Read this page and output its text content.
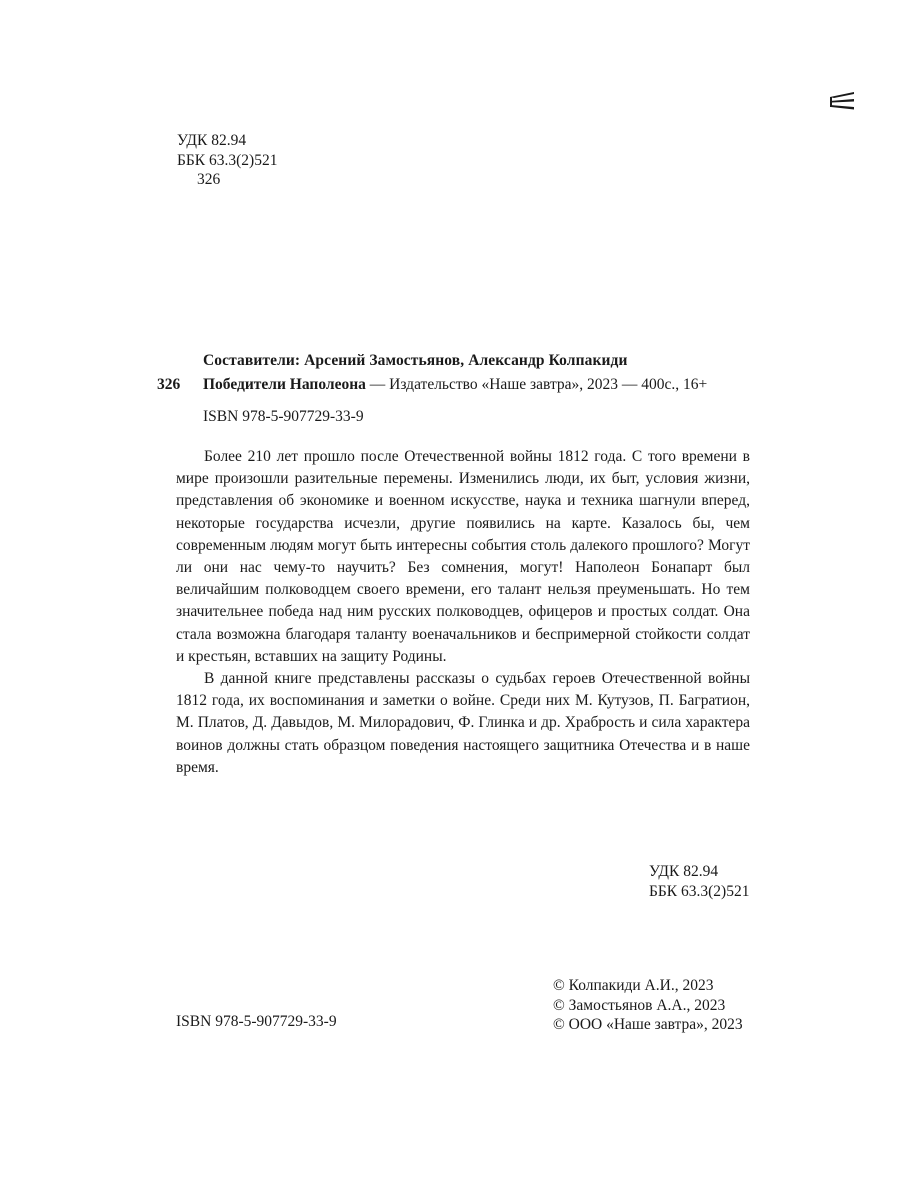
УДК 82.94
ББК 63.3(2)521
326
Составители: Арсений Замостьянов, Александр Колпакиди
326 Победители Наполеона — Издательство «Наше завтра», 2023 — 400с., 16+
ISBN 978-5-907729-33-9

Более 210 лет прошло после Отечественной войны 1812 года. С того времени в мире произошли разительные перемены. Изменились люди, их быт, условия жизни, представления об экономике и военном искусстве, наука и техника шагнули вперед, некоторые государства исчезли, другие появились на карте. Казалось бы, чем современным людям могут быть интересны события столь далекого прошлого? Могут ли они нас чему-то научить? Без сомнения, могут! Наполеон Бонапарт был величайшим полководцем своего времени, его талант нельзя преуменьшать. Но тем значительнее победа над ним русских полководцев, офицеров и простых солдат. Она стала возможна благодаря таланту военачальников и беспримерной стойкости солдат и крестьян, вставших на защиту Родины.

В данной книге представлены рассказы о судьбах героев Отечественной войны 1812 года, их воспоминания и заметки о войне. Среди них М. Кутузов, П. Багратион, М. Платов, Д. Давыдов, М. Милорадович, Ф. Глинка и др. Храбрость и сила характера воинов должны стать образцом поведения настоящего защитника Отечества и в наше время.

УДК 82.94
ББК 63.3(2)521
© Колпакиди А.И., 2023
© Замостьянов А.А., 2023
© ООО «Наше завтра», 2023
ISBN 978-5-907729-33-9
